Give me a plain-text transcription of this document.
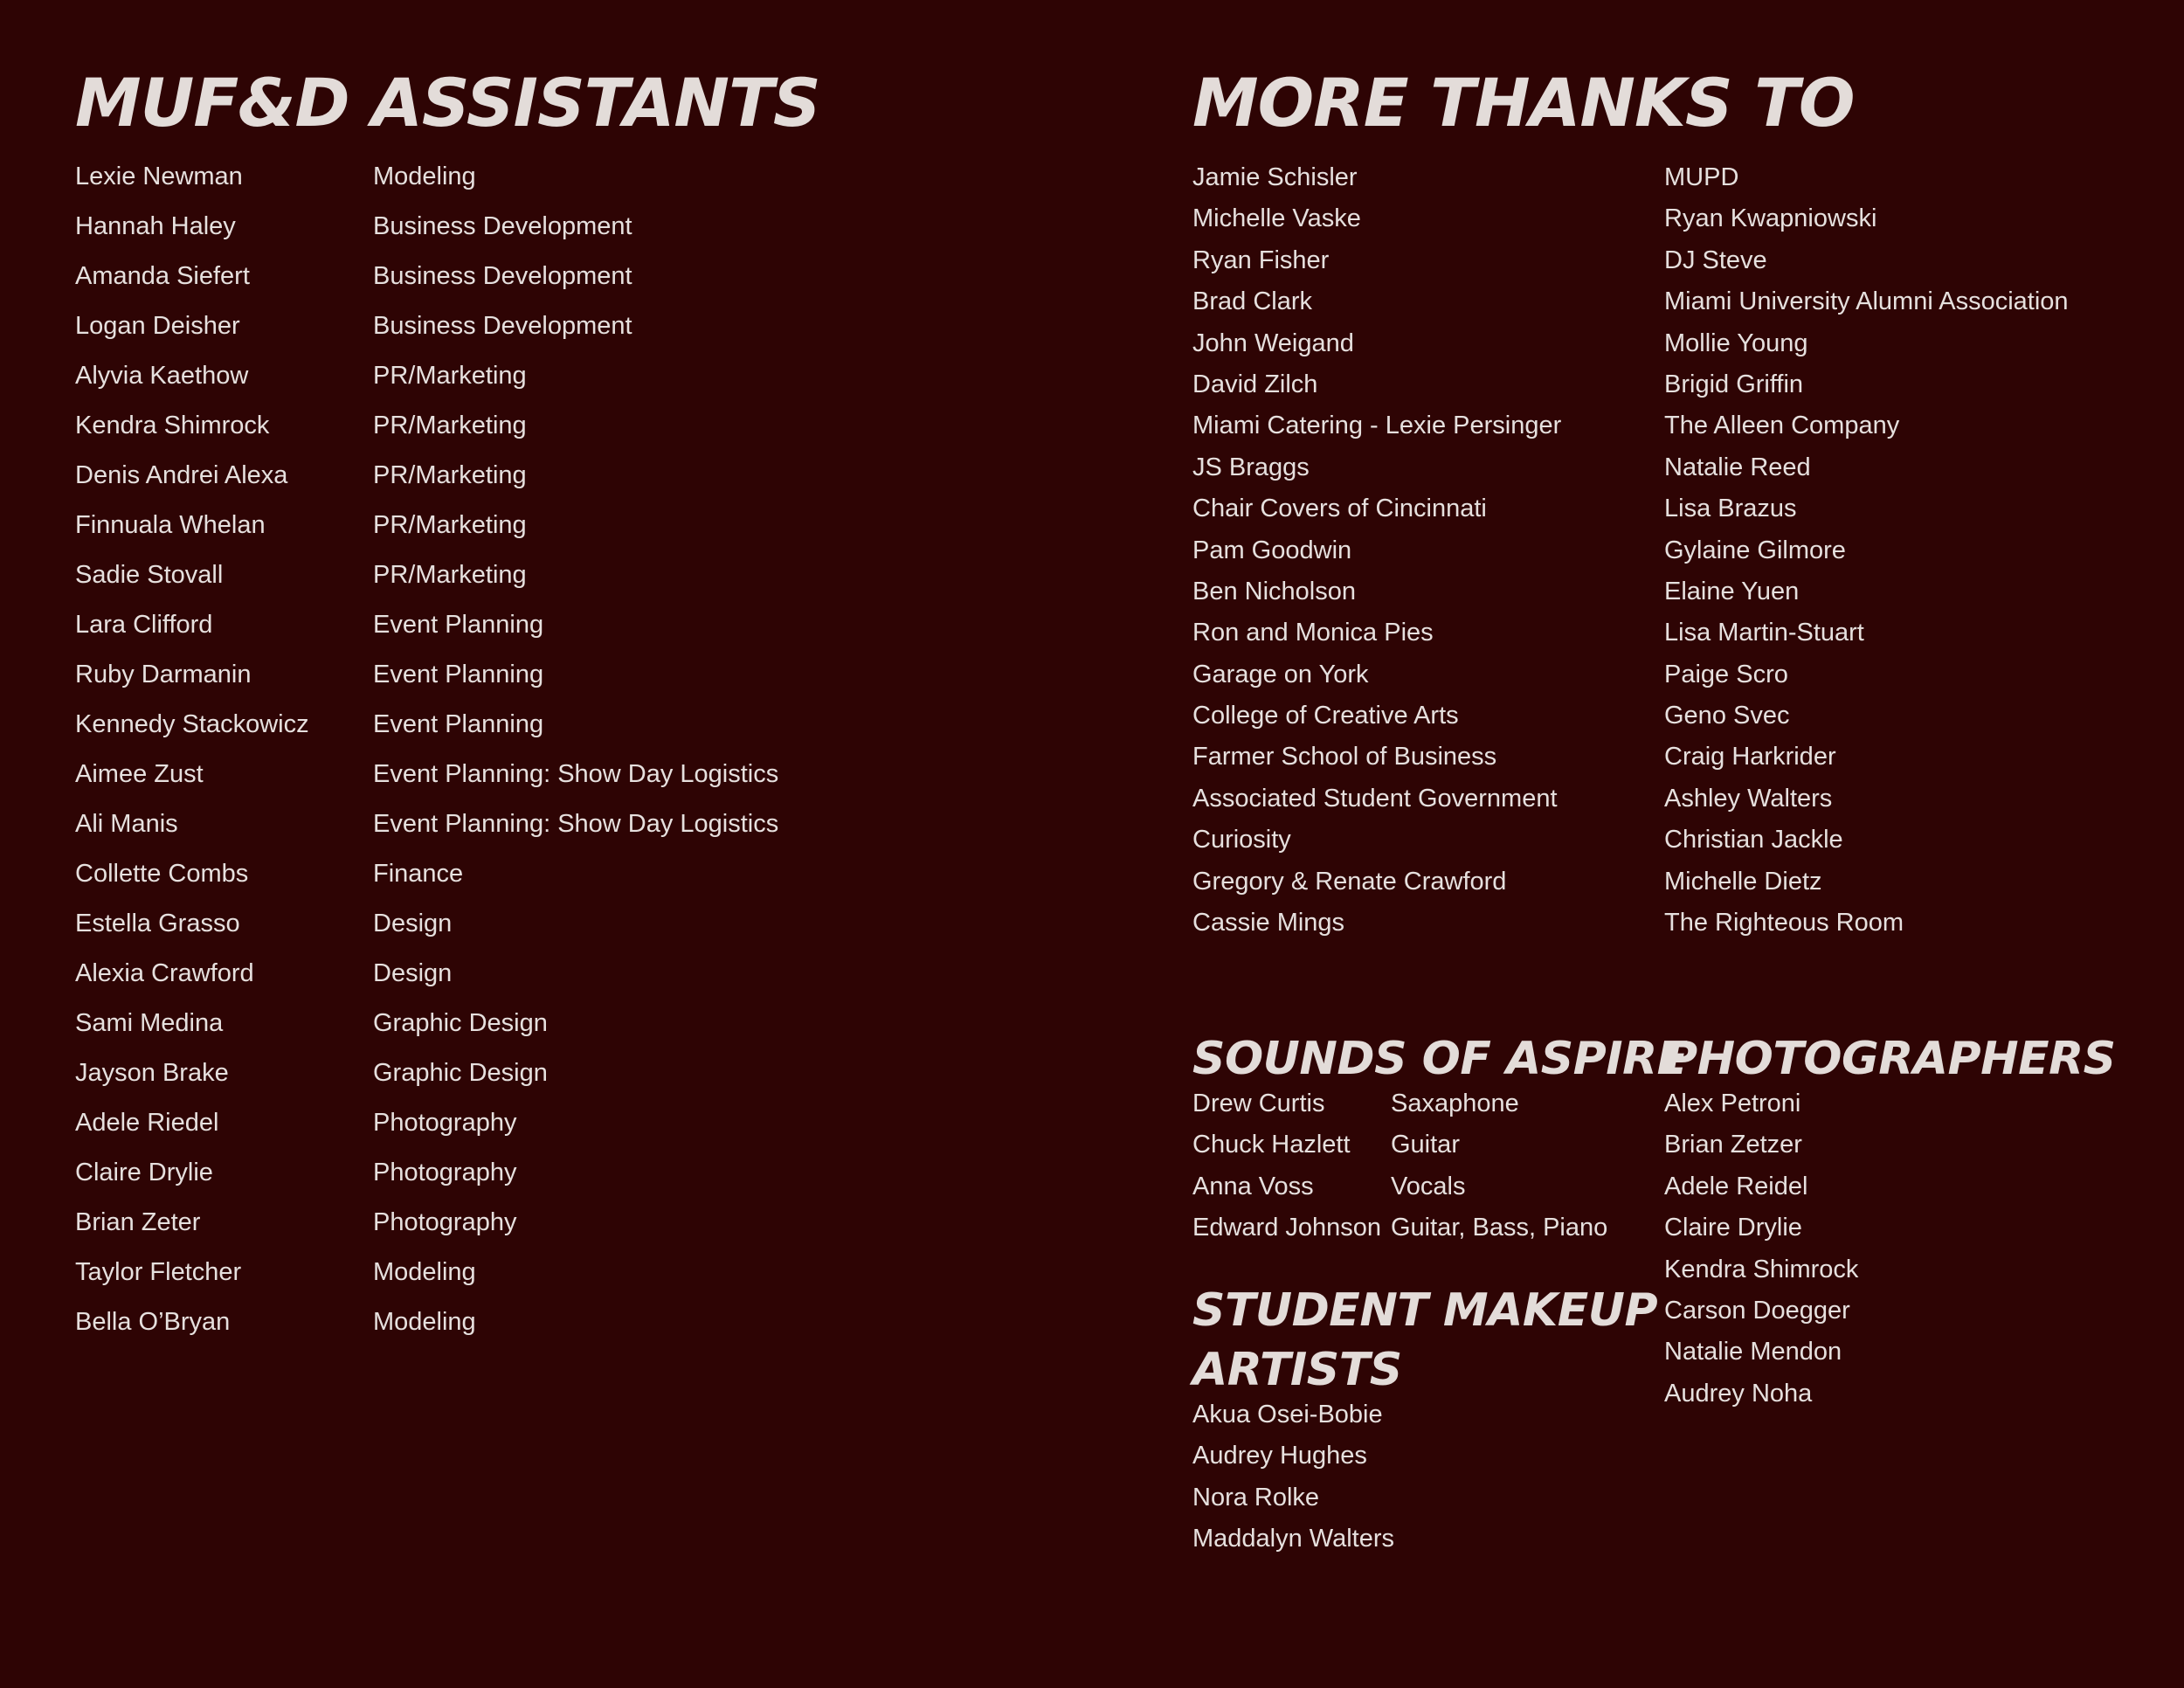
MUF&D ASSISTANTS
Lexie Newman
Hannah Haley
Amanda Siefert
Logan Deisher
Alyvia Kaethow
Kendra Shimrock
Denis Andrei Alexa
Finnuala Whelan
Sadie Stovall
Lara Clifford
Ruby Darmanin
Kennedy Stackowicz
Aimee Zust
Ali Manis
Collette Combs
Estella Grasso
Alexia Crawford
Sami Medina
Jayson Brake
Adele Riedel
Claire Drylie
Brian Zeter
Taylor Fletcher
Bella O’Bryan
Modeling
Business Development
Business Development
Business Development
PR/Marketing
PR/Marketing
PR/Marketing
PR/Marketing
PR/Marketing
Event Planning
Event Planning
Event Planning
Event Planning: Show Day Logistics
Event Planning: Show Day Logistics
Finance
Design
Design
Graphic Design
Graphic Design
Photography
Photography
Photography
Modeling
Modeling
MORE THANKS TO
Jamie Schisler
Michelle Vaske
Ryan Fisher
Brad Clark
John Weigand
David Zilch
Miami Catering - Lexie Persinger
JS Braggs
Chair Covers of Cincinnati
Pam Goodwin
Ben Nicholson
Ron and Monica Pies
Garage on York
College of Creative Arts
Farmer School of Business
Associated Student Government
Curiosity
Gregory & Renate Crawford
Cassie Mings
MUPD
Ryan Kwapniowski
DJ Steve
Miami University Alumni Association
Mollie Young
Brigid Griffin
The Alleen Company
Natalie Reed
Lisa Brazus
Gylaine Gilmore
Elaine Yuen
Lisa Martin-Stuart
Paige Scro
Geno Svec
Craig Harkrider
Ashley Walters
Christian Jackle
Michelle Dietz
The Righteous Room
SOUNDS OF ASPIRE
Drew Curtis
Chuck Hazlett
Anna Voss
Edward Johnson
Saxaphone
Guitar
Vocals
Guitar, Bass, Piano
STUDENT MAKEUP ARTISTS
Akua Osei-Bobie
Audrey Hughes
Nora Rolke
Maddalyn Walters
PHOTOGRAPHERS
Alex Petroni
Brian Zetzer
Adele Reidel
Claire Drylie
Kendra Shimrock
Carson Doegger
Natalie Mendon
Audrey Noha
